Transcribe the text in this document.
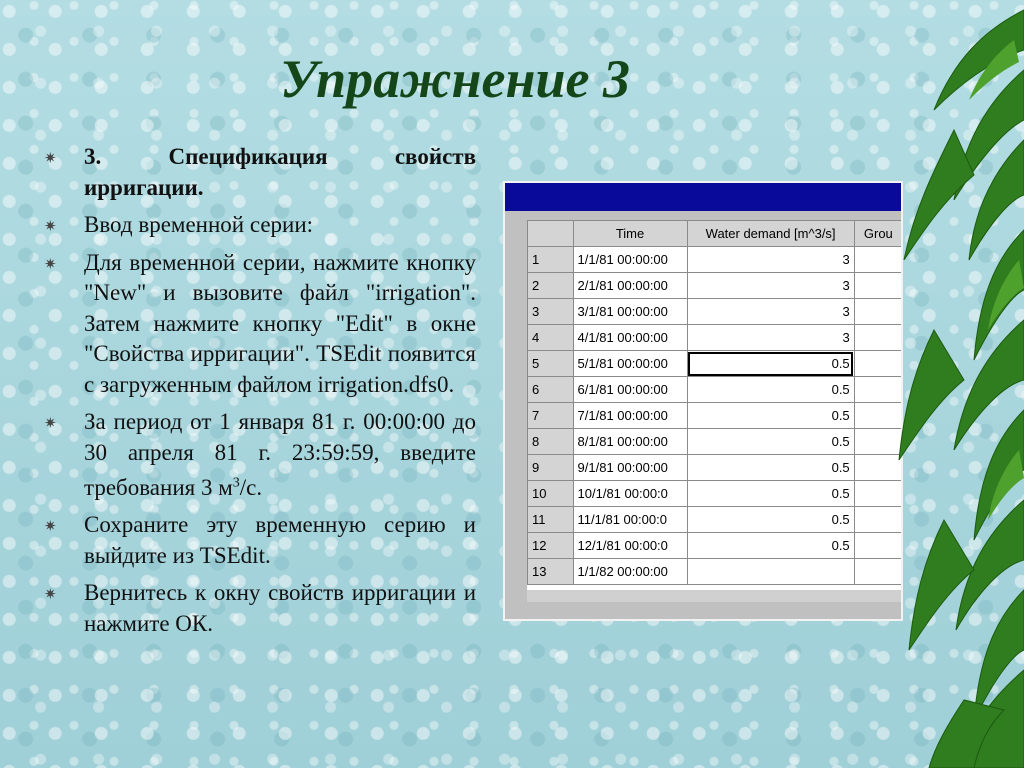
Упражнение 3
✷ 3. Спецификация свойств ирригации.
✷ Ввод временной серии:
✷ Для временной серии, нажмите кнопку "New" и вызовите файл "irrigation". Затем нажмите кнопку "Edit" в окне "Свойства ирригации". TSEdit появится с загруженным файлом irrigation.dfs0.
✷ За период от 1 января 81 г. 00:00:00 до 30 апреля 81 г. 23:59:59, введите требования 3 $м^3/с$.
✷ Сохраните эту временную серию и выйдите из TSEdit.
✷ Вернитесь к окну свойств ирригации и нажмите ОК.
	Time	Water demand [m^3/s]	Grou
1	1/1/81 00:00:00	3	
2	2/1/81 00:00:00	3	
3	3/1/81 00:00:00	3	
4	4/1/81 00:00:00	3	
5	5/1/81 00:00:00	0.5	
6	6/1/81 00:00:00	0.5	
7	7/1/81 00:00:00	0.5	
8	8/1/81 00:00:00	0.5	
9	9/1/81 00:00:00	0.5	
10	10/1/81 00:00:0	0.5	
11	11/1/81 00:00:0	0.5	
12	12/1/81 00:00:0	0.5	
13	1/1/82 00:00:00		
